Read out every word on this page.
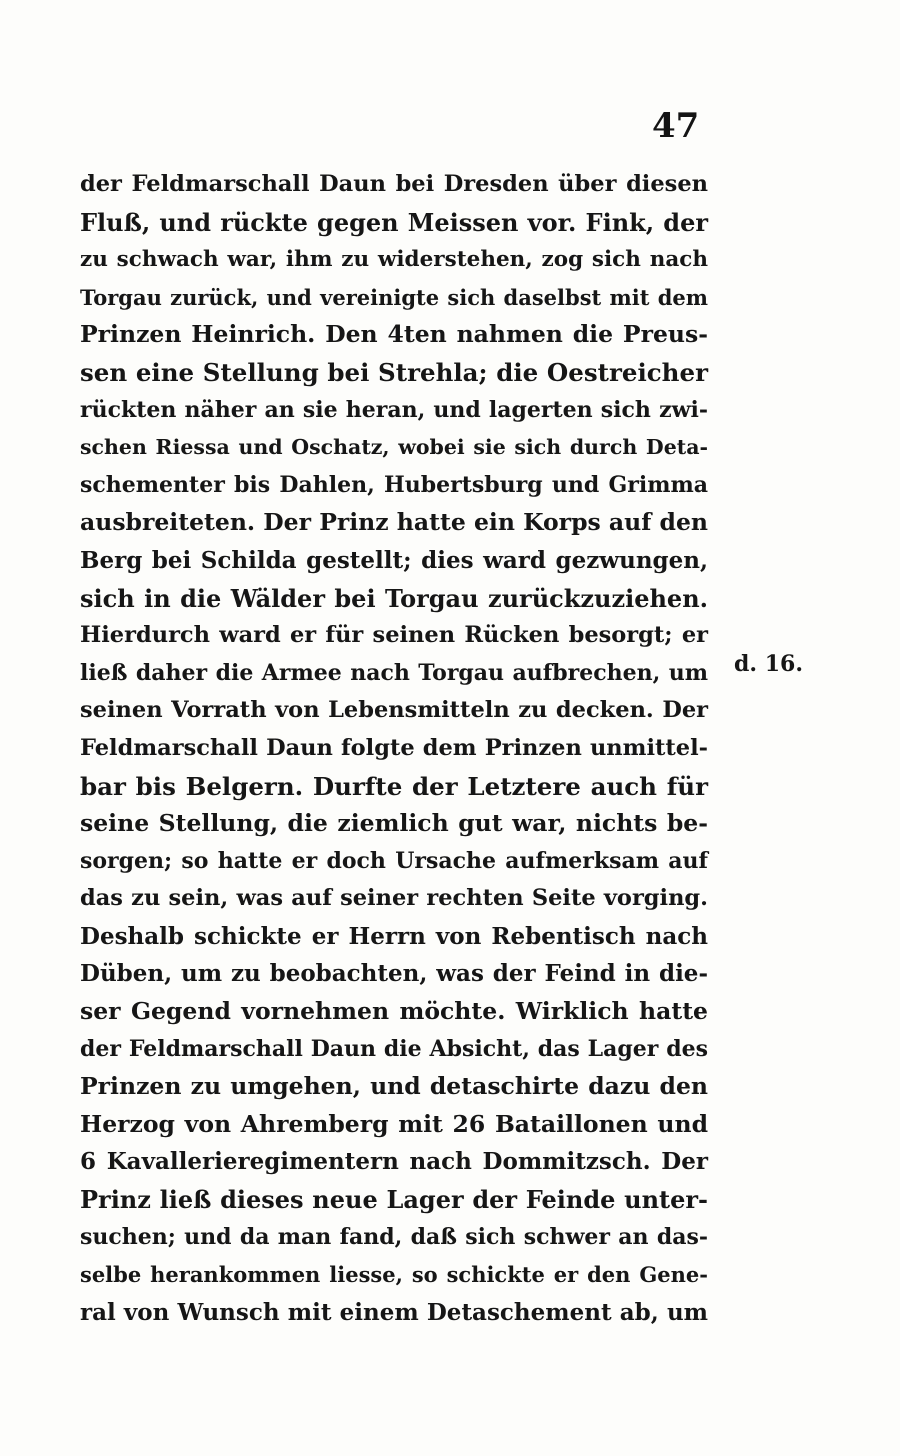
47
der Feldmarschall Daun bei Dresden über diesen
Fluß, und rückte gegen Meissen vor. Fink, der
zu schwach war, ihm zu widerstehen, zog sich nach
Torgau zurück, und vereinigte sich daselbst mit dem
Prinzen Heinrich. Den 4ten nahmen die Preus-
sen eine Stellung bei Strehla; die Oestreicher
rückten näher an sie heran, und lagerten sich zwi-
schen Riessa und Oschatz, wobei sie sich durch Deta-
schementer bis Dahlen, Hubertsburg und Grimma
ausbreiteten. Der Prinz hatte ein Korps auf den
Berg bei Schilda gestellt; dies ward gezwungen,
sich in die Wälder bei Torgau zurückzuziehen.
Hierdurch ward er für seinen Rücken besorgt; er
ließ daher die Armee nach Torgau aufbrechen, um
seinen Vorrath von Lebensmitteln zu decken. Der
Feldmarschall Daun folgte dem Prinzen unmittel-
bar bis Belgern. Durfte der Letztere auch für
seine Stellung, die ziemlich gut war, nichts be-
sorgen; so hatte er doch Ursache aufmerksam auf
das zu sein, was auf seiner rechten Seite vorging.
Deshalb schickte er Herrn von Rebentisch nach
Düben, um zu beobachten, was der Feind in die-
ser Gegend vornehmen möchte. Wirklich hatte
der Feldmarschall Daun die Absicht, das Lager des
Prinzen zu umgehen, und detaschirte dazu den
Herzog von Ahremberg mit 26 Bataillonen und
6 Kavallerieregimentern nach Dommitzsch. Der
Prinz ließ dieses neue Lager der Feinde unter-
suchen; und da man fand, daß sich schwer an das-
selbe herankommen liesse, so schickte er den Gene-
ral von Wunsch mit einem Detaschement ab, um
d. 16.
